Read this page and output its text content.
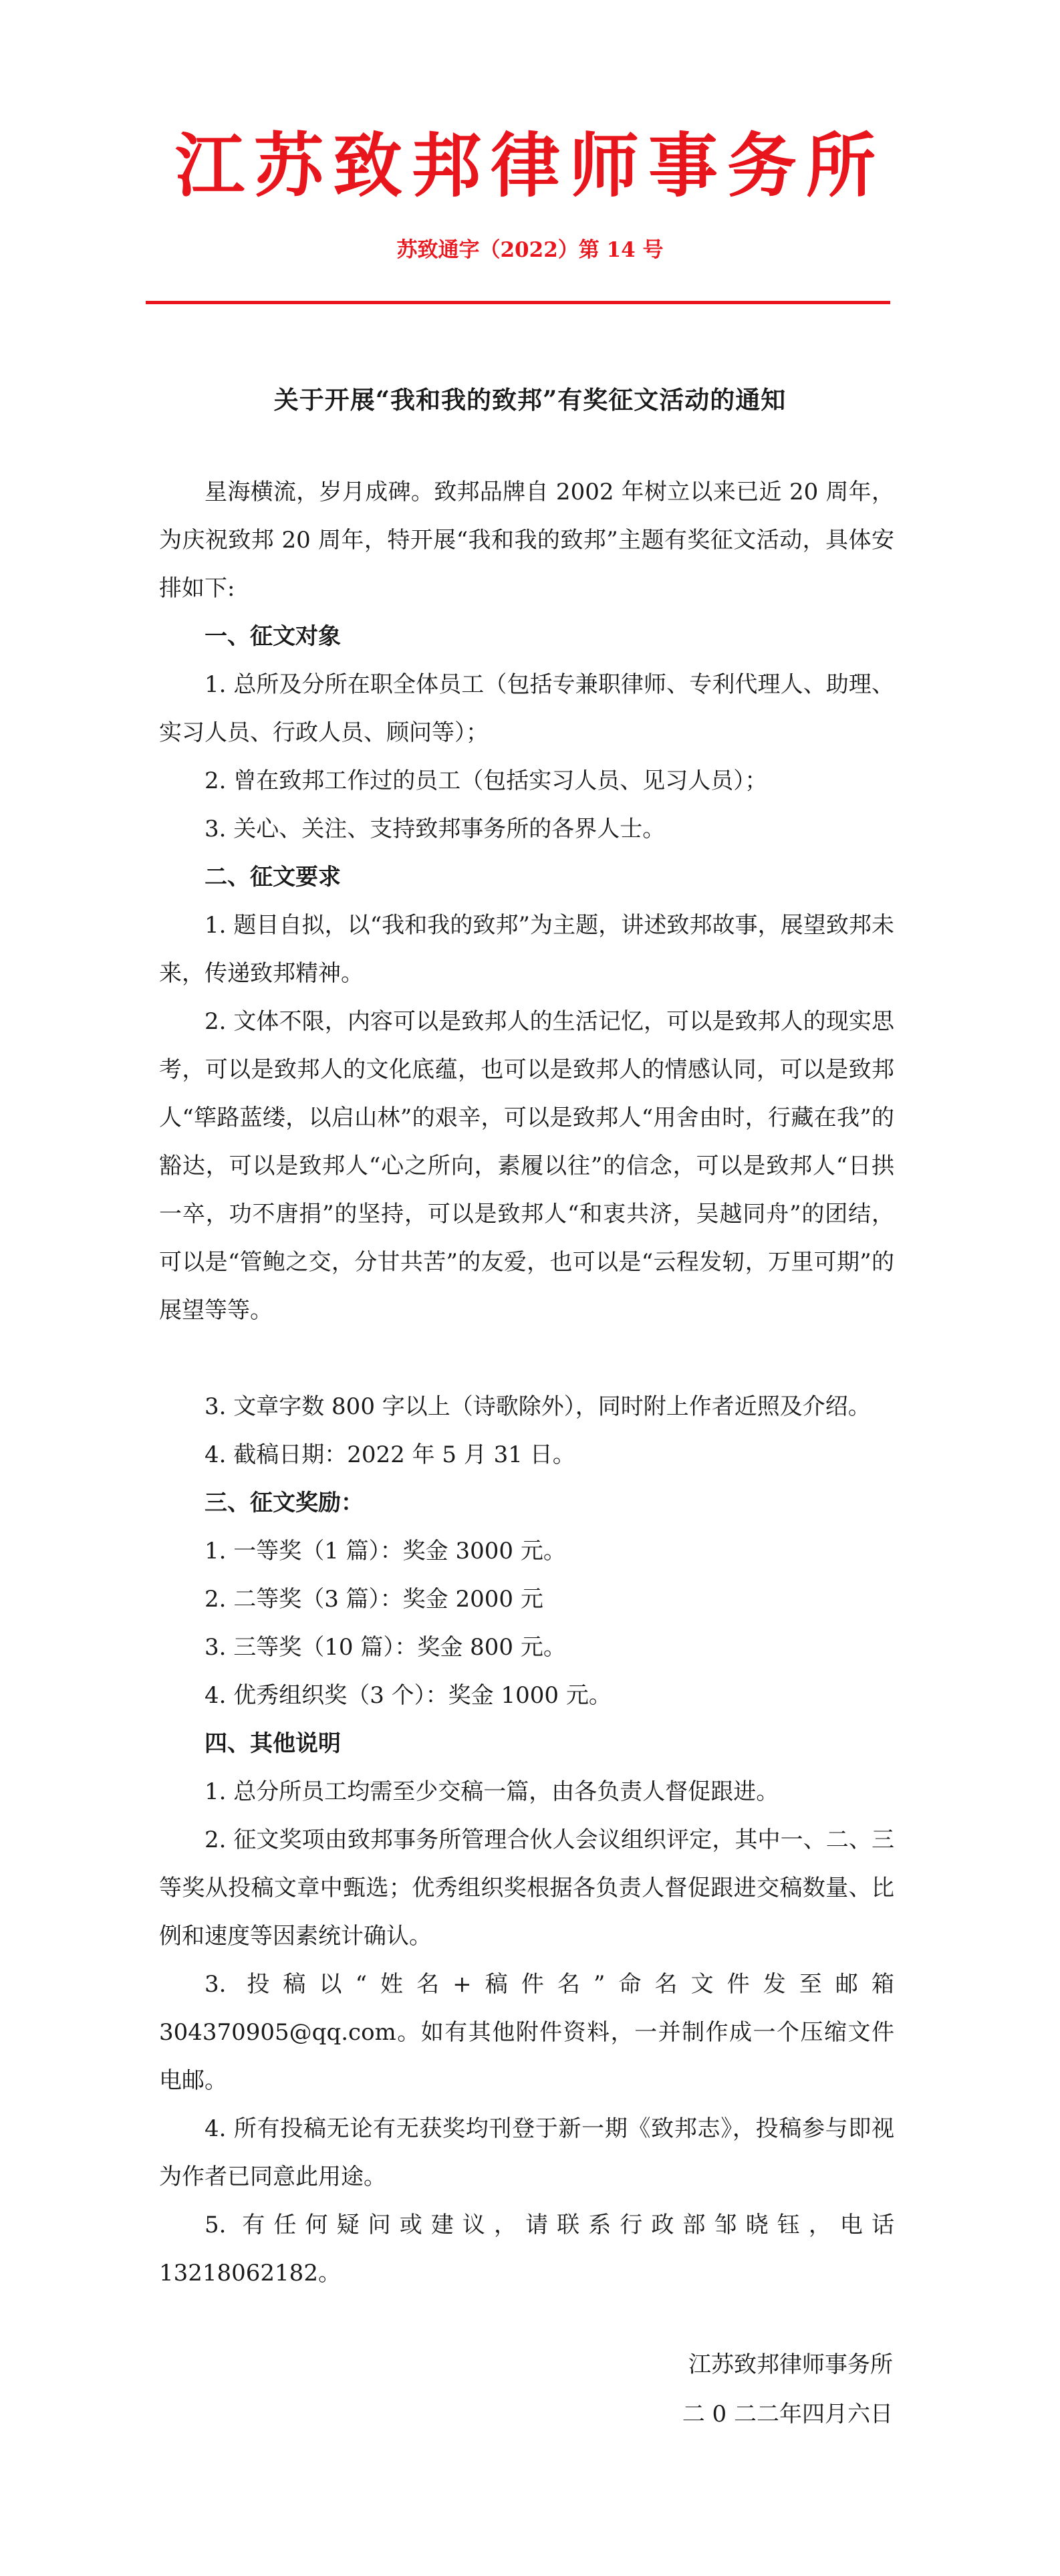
江苏致邦律师事务所
苏致通字（2022）第 14 号
关于开展“我和我的致邦”有奖征文活动的通知

星海横流，岁月成碑。致邦品牌自 2002 年树立以来已近 20 周年，为庆祝致邦 20 周年，特开展“我和我的致邦”主题有奖征文活动，具体安排如下:

一、征文对象

1. 总所及分所在职全体员工（包括专兼职律师、专利代理人、助理、实习人员、行政人员、顾问等）；

2. 曾在致邦工作过的员工（包括实习人员、见习人员）；

3. 关心、关注、支持致邦事务所的各界人士。

二、征文要求

1. 题目自拟，以“我和我的致邦”为主题，讲述致邦故事，展望致邦未来，传递致邦精神。

2. 文体不限，内容可以是致邦人的生活记忆，可以是致邦人的现实思考，可以是致邦人的文化底蕴，也可以是致邦人的情感认同，可以是致邦人“筚路蓝缕，以启山林”的艰辛，可以是致邦人“用舍由时，行藏在我”的豁达，可以是致邦人“心之所向，素履以往”的信念，可以是致邦人“日拱一卒，功不唐捐”的坚持，可以是致邦人“和衷共济，吴越同舟”的团结，可以是“管鲍之交，分甘共苦”的友爱，也可以是“云程发轫，万里可期”的展望等等。

3. 文章字数 800 字以上（诗歌除外），同时附上作者近照及介绍。

4. 截稿日期：2022 年 5 月 31 日。

三、征文奖励：

1. 一等奖（1 篇）：奖金 3000 元。

2. 二等奖（3 篇）：奖金 2000 元

3. 三等奖（10 篇）：奖金 800 元。

4. 优秀组织奖（3 个）：奖金 1000 元。

四、其他说明

1. 总分所员工均需至少交稿一篇，由各负责人督促跟进。

2. 征文奖项由致邦事务所管理合伙人会议组织评定，其中一、二、三等奖从投稿文章中甄选；优秀组织奖根据各负责人督促跟进交稿数量、比例和速度等因素统计确认。

3. 投稿以“姓名+稿件名”命名文件发至邮箱 304370905@qq.com。如有其他附件资料，一并制作成一个压缩文件电邮。

4. 所有投稿无论有无获奖均刊登于新一期《致邦志》，投稿参与即视为作者已同意此用途。

5. 有任何疑问或建议，请联系行政部邹晓钰，电话 13218062182。

江苏致邦律师事务所
二 0 二二年四月六日
